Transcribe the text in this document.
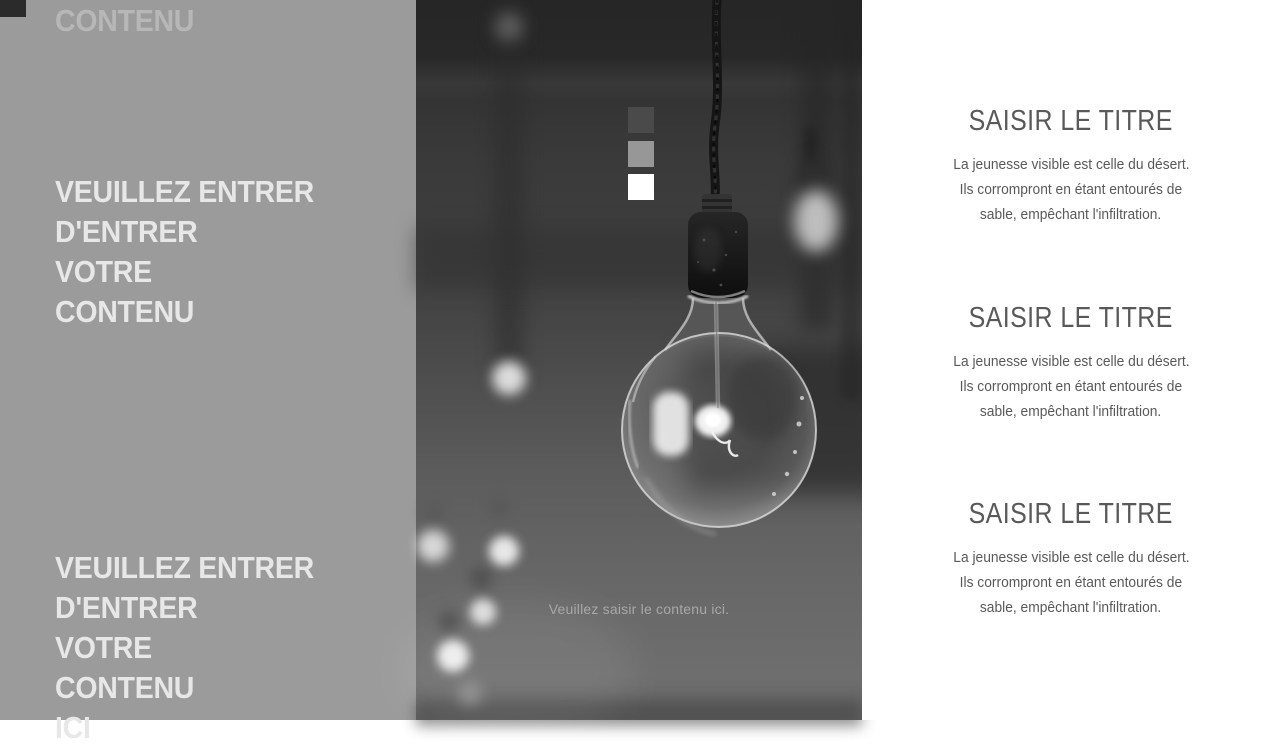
CONTENU
VEUILLEZ ENTRER
D'ENTRER
VOTRE
CONTENU
VEUILLEZ ENTRER
D'ENTRER
VOTRE
CONTENU
ICI
Veuillez saisir le contenu ici.
SAISIR LE TITRE
La jeunesse visible est celle du désert.
Ils corrompront en étant entourés de
sable, empêchant l'infiltration.
SAISIR LE TITRE
La jeunesse visible est celle du désert.
Ils corrompront en étant entourés de
sable, empêchant l'infiltration.
SAISIR LE TITRE
La jeunesse visible est celle du désert.
Ils corrompront en étant entourés de
sable, empêchant l'infiltration.
